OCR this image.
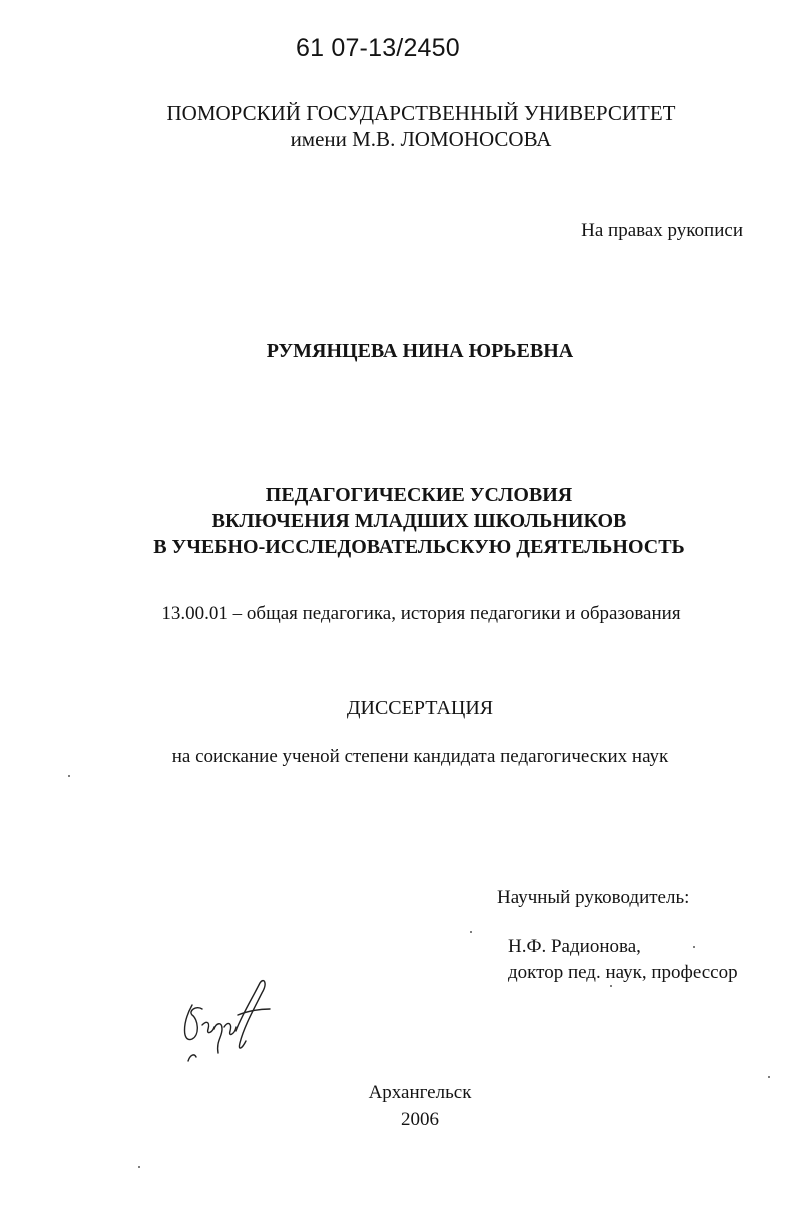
61 07-13/2450
ПОМОРСКИЙ ГОСУДАРСТВЕННЫЙ УНИВЕРСИТЕТ
имени М.В. ЛОМОНОСОВА
На правах рукописи
РУМЯНЦЕВА НИНА ЮРЬЕВНА
ПЕДАГОГИЧЕСКИЕ УСЛОВИЯ
ВКЛЮЧЕНИЯ МЛАДШИХ ШКОЛЬНИКОВ
В УЧЕБНО-ИССЛЕДОВАТЕЛЬСКУЮ ДЕЯТЕЛЬНОСТЬ
13.00.01 – общая педагогика, история педагогики и образования
ДИССЕРТАЦИЯ
на соискание ученой степени кандидата педагогических наук
Научный руководитель:
Н.Ф. Радионова,
доктор пед. наук, профессор
Архангельск
2006
